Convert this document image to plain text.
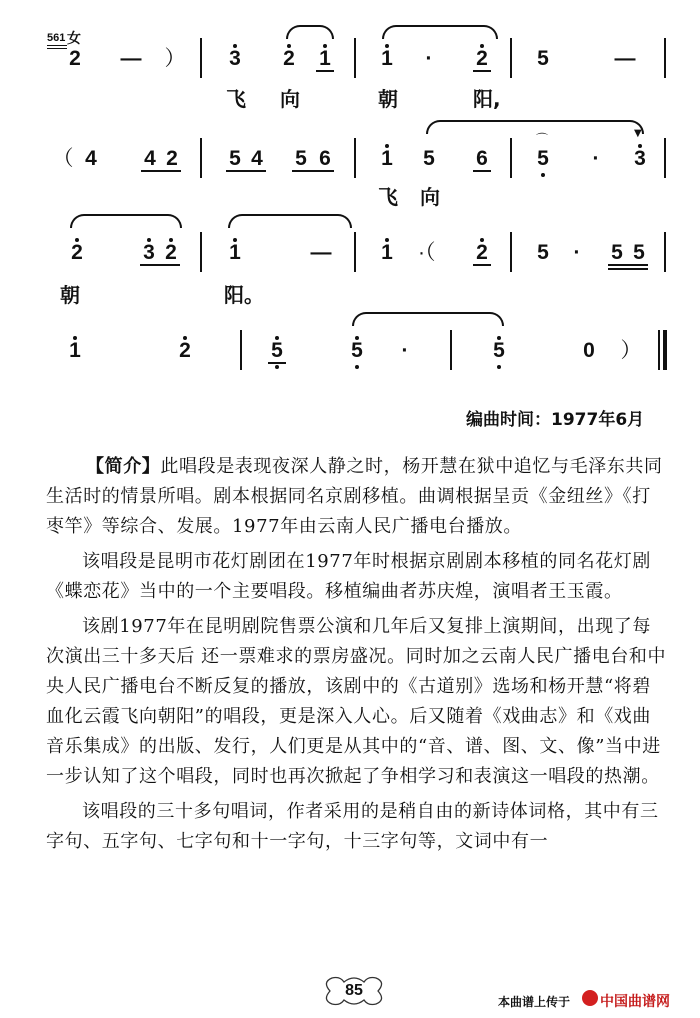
561 女
2 — ） 3 2 1 1	·	2 5	—
飞 向	朝	阳,
（ 4 4 2 5 4 5 6 1 5 6
⌒
5	·
▼
3
飞 向
2	3 2 1	— 1 ·（	2 5	·	5 5
朝	阳。
1	2	5	5	·	5	0 ）
编曲时间：1977年6月

【简介】此唱段是表现夜深人静之时，杨开慧在狱中追忆与毛泽东共同生活时的情景所唱。剧本根据同名京剧移植。曲调根据呈贡《金纽丝》《打枣竿》等综合、发展。1977年由云南人民广播电台播放。

该唱段是昆明市花灯剧团在1977年时根据京剧剧本移植的同名花灯剧《蝶恋花》当中的一个主要唱段。移植编曲者苏庆煌，演唱者王玉霞。

该剧1977年在昆明剧院售票公演和几年后又复排上演期间，出现了每次演出三十多天后 还一票难求的票房盛况。同时加之云南人民广播电台和中央人民广播电台不断反复的播放，该剧中的《古道别》选场和杨开慧“将碧血化云霞飞向朝阳”的唱段，更是深入人心。后又随着《戏曲志》和《戏曲音乐集成》的出版、发行，人们更是从其中的“音、谱、图、文、像”当中进一步认知了这个唱段，同时也再次掀起了争相学习和表演这一唱段的热潮。

该唱段的三十多句唱词，作者采用的是稍自由的新诗体词格，其中有三字句、五字句、七字句和十一字句，十三字句等，文词中有一

85
本曲谱上传于 中国曲谱网
